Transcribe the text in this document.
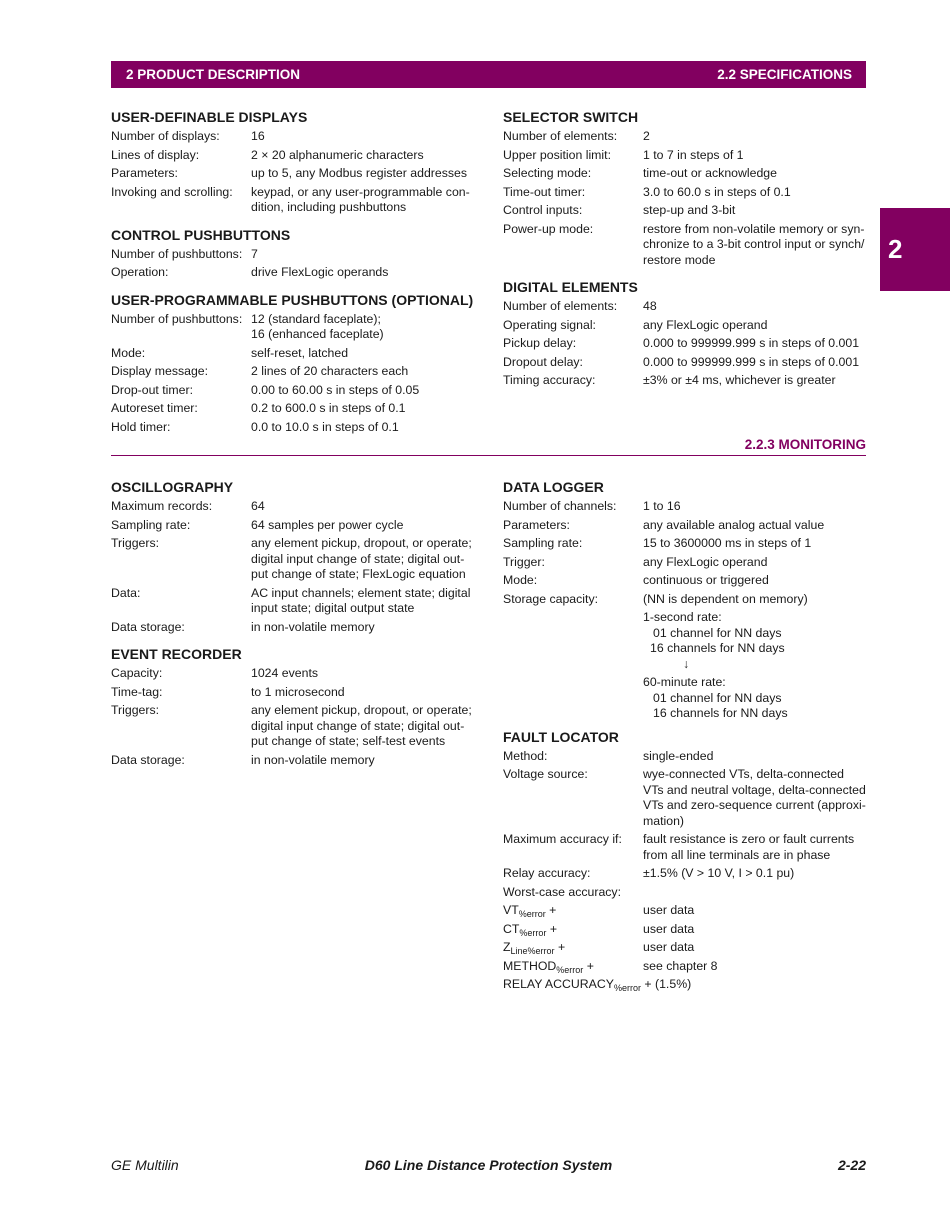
2 PRODUCT DESCRIPTION	2.2 SPECIFICATIONS
2
USER-DEFINABLE DISPLAYS
Number of displays:	16
Lines of display:	2 × 20 alphanumeric characters
Parameters:	up to 5, any Modbus register addresses
Invoking and scrolling: keypad, or any user-programmable con-
dition, including pushbuttons
CONTROL PUSHBUTTONS
Number of pushbuttons: 7
Operation:	drive FlexLogic operands
USER-PROGRAMMABLE PUSHBUTTONS (OPTIONAL)
Number of pushbuttons: 12 (standard faceplate);
16 (enhanced faceplate)
Mode:	self-reset, latched
Display message:	2 lines of 20 characters each
Drop-out timer:	0.00 to 60.00 s in steps of 0.05
Autoreset timer:	0.2 to 600.0 s in steps of 0.1
Hold timer:	0.0 to 10.0 s in steps of 0.1
SELECTOR SWITCH
Number of elements: 2
Upper position limit:	1 to 7 in steps of 1
Selecting mode:	time-out or acknowledge
Time-out timer:	3.0 to 60.0 s in steps of 0.1
Control inputs:	step-up and 3-bit
Power-up mode:	restore from non-volatile memory or syn-
chronize to a 3-bit control input or synch/
restore mode
DIGITAL ELEMENTS
Number of elements: 48
Operating signal:	any FlexLogic operand
Pickup delay:	0.000 to 999999.999 s in steps of 0.001
Dropout delay:	0.000 to 999999.999 s in steps of 0.001
Timing accuracy:	±3% or ±4 ms, whichever is greater
2.2.3 MONITORING
OSCILLOGRAPHY
Maximum records:	64
Sampling rate:	64 samples per power cycle
Triggers:	any element pickup, dropout, or operate;
digital input change of state; digital out-
put change of state; FlexLogic equation
Data:	AC input channels; element state; digital
input state; digital output state
Data storage:	in non-volatile memory
EVENT RECORDER
Capacity:	1024 events
Time-tag:	to 1 microsecond
Triggers:	any element pickup, dropout, or operate;
digital input change of state; digital out-
put change of state; self-test events
Data storage:	in non-volatile memory
DATA LOGGER
Number of channels: 1 to 16
Parameters:	any available analog actual value
Sampling rate:	15 to 3600000 ms in steps of 1
Trigger:	any FlexLogic operand
Mode:	continuous or triggered
Storage capacity:	(NN is dependent on memory)
1-second rate:
01 channel for NN days
16 channels for NN days
↓
60-minute rate:
01 channel for NN days
16 channels for NN days
FAULT LOCATOR
Method:	single-ended
Voltage source:	wye-connected VTs, delta-connected
VTs and neutral voltage, delta-connected
VTs and zero-sequence current (approxi-
mation)
Maximum accuracy if: fault resistance is zero or fault currents
from all line terminals are in phase
Relay accuracy:	±1.5% (V > 10 V, I > 0.1 pu)
Worst-case accuracy:
$VT_{\%error}$ +	user data
$CT_{\%error}$ +	user data
$Z_{Line\%error}$ +	user data
$METHOD_{\%error}$ +	see chapter 8
RELAY $ACCURACY_{\%error} + (1.5\%)$
GE Multilin	D60 Line Distance Protection System	2-22
